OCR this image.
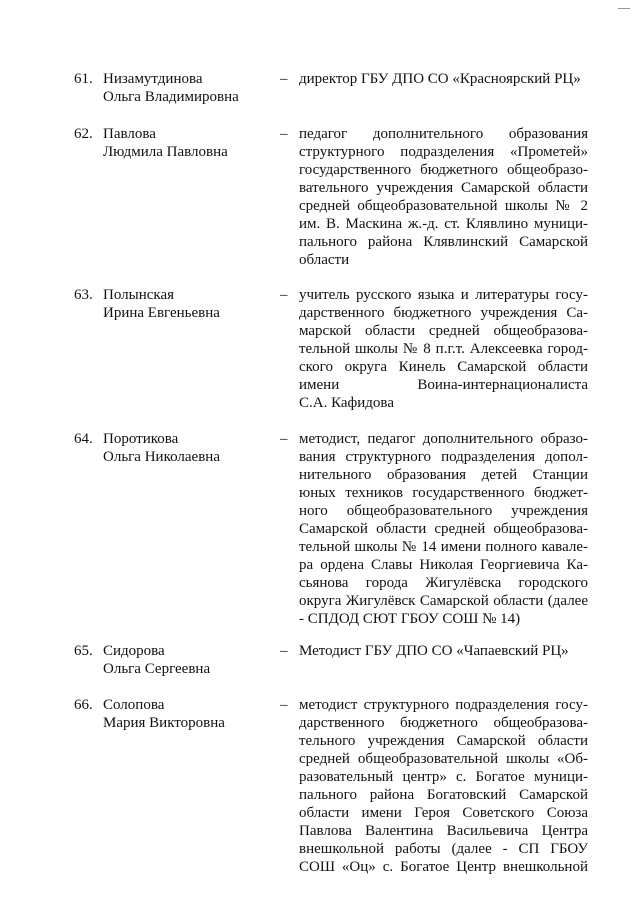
61. Низамутдинова
Ольга Владимировна
– директор ГБУ ДПО СО «Красноярский РЦ»
62. Павлова
Людмила Павловна
– педагог дополнительного образования
структурного подразделения «Прометей»
государственного бюджетного общеобразо-
вательного учреждения Самарской области
средней общеобразовательной школы № 2
им. В. Маскина ж.-д. ст. Клявлино муници-
пального района Клявлинский Самарской
области
63. Полынская
Ирина Евгеньевна
– учитель русского языка и литературы госу-
дарственного бюджетного учреждения Са-
марской области средней общеобразова-
тельной школы № 8 п.г.т. Алексеевка город-
ского округа Кинель Самарской области
имени Воина-интернационалиста
С.А. Кафидова
64. Поротикова
Ольга Николаевна
– методист, педагог дополнительного образо-
вания структурного подразделения допол-
нительного образования детей Станции
юных техников государственного бюджет-
ного общеобразовательного учреждения
Самарской области средней общеобразова-
тельной школы № 14 имени полного кавале-
ра ордена Славы Николая Георгиевича Ка-
сьянова города Жигулёвска городского
округа Жигулёвск Самарской области (далее
- СПДОД СЮТ ГБОУ СОШ № 14)
65. Сидорова
Ольга Сергеевна
– Методист ГБУ ДПО СО «Чапаевский РЦ»
66. Солопова
Мария Викторовна
– методист структурного подразделения госу-
дарственного бюджетного общеобразова-
тельного учреждения Самарской области
средней общеобразовательной школы «Об-
разовательный центр» с. Богатое муници-
пального района Богатовский Самарской
области имени Героя Советского Союза
Павлова Валентина Васильевича Центра
внешкольной работы (далее - СП ГБОУ
СОШ «Оц» с. Богатое Центр внешкольной
